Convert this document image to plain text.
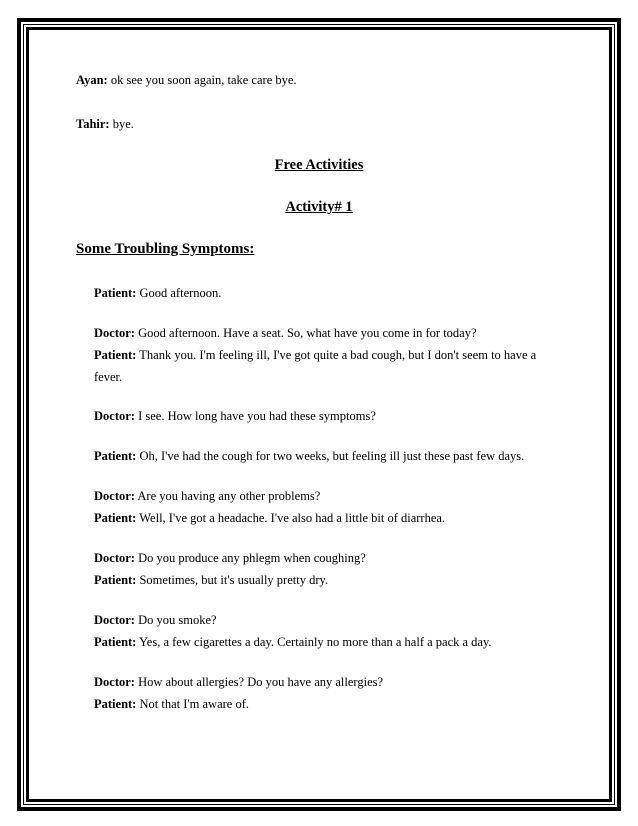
Ayan: ok see you soon again, take care bye.
Tahir: bye.
Free Activities
Activity# 1
Some Troubling Symptoms:
Patient: Good afternoon.
Doctor: Good afternoon. Have a seat. So, what have you come in for today?
Patient: Thank you. I'm feeling ill, I've got quite a bad cough, but I don't seem to have a
fever.
Doctor: I see. How long have you had these symptoms?
Patient: Oh, I've had the cough for two weeks, but feeling ill just these past few days.
Doctor: Are you having any other problems?
Patient: Well, I've got a headache. I've also had a little bit of diarrhea.
Doctor: Do you produce any phlegm when coughing?
Patient: Sometimes, but it's usually pretty dry.
Doctor: Do you smoke?
Patient: Yes, a few cigarettes a day. Certainly no more than a half a pack a day.
Doctor: How about allergies? Do you have any allergies?
Patient: Not that I'm aware of.
